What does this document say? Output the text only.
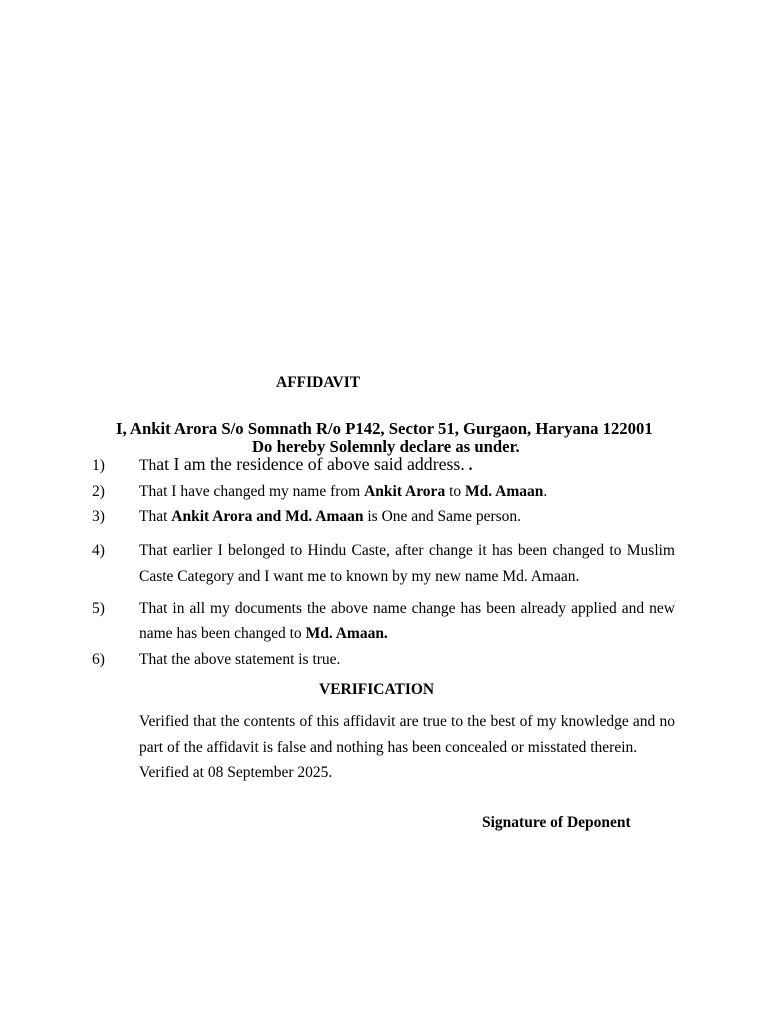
AFFIDAVIT
I, Ankit Arora S/o Somnath R/o P142, Sector 51, Gurgaon, Haryana 122001
Do hereby Solemnly declare as under.
1) That I am the residence of above said address. .
2) That I have changed my name from Ankit Arora to Md. Amaan.
3) That Ankit Arora and Md. Amaan is One and Same person.
4) That earlier I belonged to Hindu Caste, after change it has been changed to Muslim
Caste Category and I want me to known by my new name Md. Amaan.
5) That in all my documents the above name change has been already applied and new
name has been changed to Md. Amaan.
6) That the above statement is true.
VERIFICATION
Verified that the contents of this affidavit are true to the best of my knowledge and no
part of the affidavit is false and nothing has been concealed or misstated therein.
Verified at 08 September 2025.
Signature of Deponent
